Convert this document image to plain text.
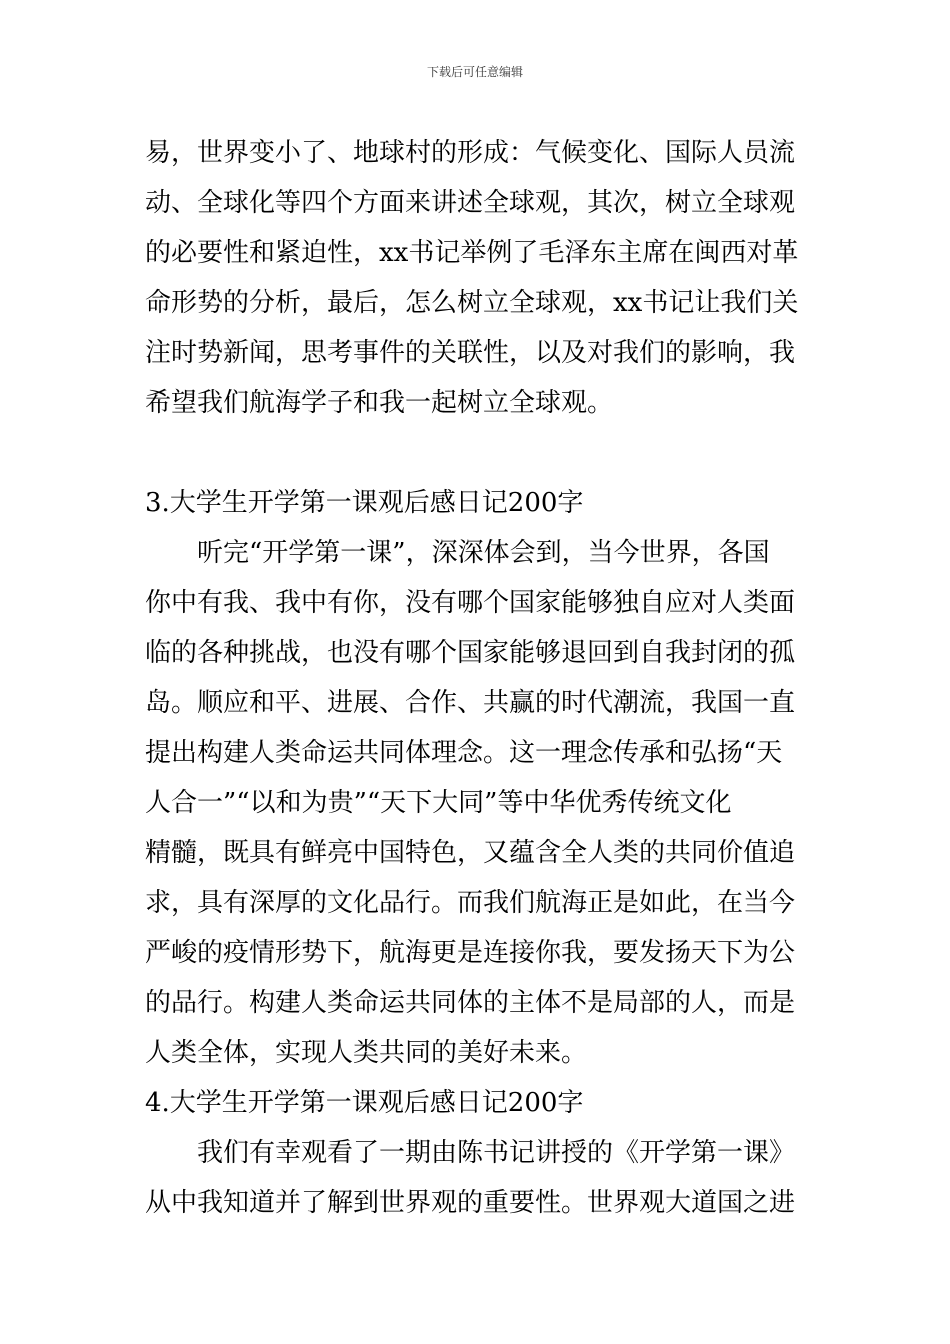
下载后可任意编辑
易，世界变小了、地球村的形成：气候变化、国际人员流
动、全球化等四个方面来讲述全球观，其次，树立全球观
的必要性和紧迫性，xx书记举例了毛泽东主席在闽西对革
命形势的分析，最后，怎么树立全球观，xx书记让我们关
注时势新闻，思考事件的关联性，以及对我们的影响，我
希望我们航海学子和我一起树立全球观。
3.大学生开学第一课观后感日记200字
听完“开学第一课”，深深体会到，当今世界，各国
你中有我、我中有你，没有哪个国家能够独自应对人类面
临的各种挑战，也没有哪个国家能够退回到自我封闭的孤
岛。顺应和平、进展、合作、共赢的时代潮流，我国一直
提出构建人类命运共同体理念。这一理念传承和弘扬“天
人合一”“以和为贵”“天下大同”等中华优秀传统文化
精髓，既具有鲜亮中国特色，又蕴含全人类的共同价值追
求，具有深厚的文化品行。而我们航海正是如此，在当今
严峻的疫情形势下，航海更是连接你我，要发扬天下为公
的品行。构建人类命运共同体的主体不是局部的人，而是
人类全体，实现人类共同的美好未来。
4.大学生开学第一课观后感日记200字
我们有幸观看了一期由陈书记讲授的《开学第一课》
从中我知道并了解到世界观的重要性。世界观大道国之进
